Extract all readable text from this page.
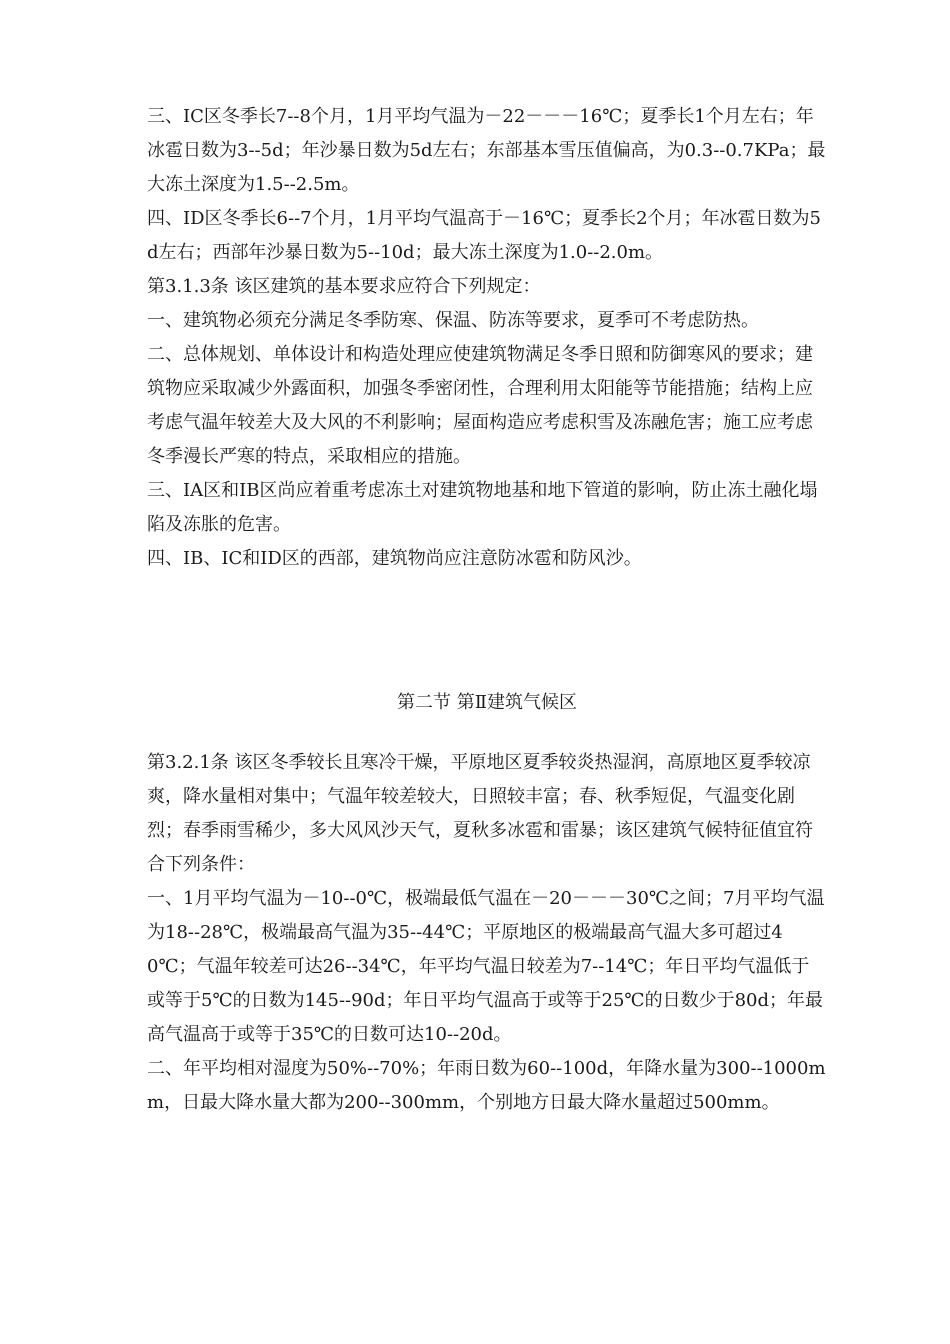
三、IC区冬季长7--8个月，1月平均气温为－22－－－16℃；夏季长1个月左右；年冰雹日数为3--5d；年沙暴日数为5d左右；东部基本雪压值偏高，为0.3--0.7KPa；最大冻土深度为1.5--2.5m。

四、ID区冬季长6--7个月，1月平均气温高于－16℃；夏季长2个月；年冰雹日数为5d左右；西部年沙暴日数为5--10d；最大冻土深度为1.0--2.0m。

第3.1.3条 该区建筑的基本要求应符合下列规定：

一、建筑物必须充分满足冬季防寒、保温、防冻等要求，夏季可不考虑防热。

二、总体规划、单体设计和构造处理应使建筑物满足冬季日照和防御寒风的要求；建筑物应采取减少外露面积，加强冬季密闭性，合理利用太阳能等节能措施；结构上应考虑气温年较差大及大风的不利影响；屋面构造应考虑积雪及冻融危害；施工应考虑冬季漫长严寒的特点，采取相应的措施。

三、IA区和IB区尚应着重考虑冻土对建筑物地基和地下管道的影响，防止冻土融化塌陷及冻胀的危害。

四、IB、IC和ID区的西部，建筑物尚应注意防冰雹和防风沙。

第二节 第Ⅱ建筑气候区

第3.2.1条 该区冬季较长且寒冷干燥，平原地区夏季较炎热湿润，高原地区夏季较凉爽，降水量相对集中；气温年较差较大，日照较丰富；春、秋季短促，气温变化剧烈；春季雨雪稀少，多大风风沙天气，夏秋多冰雹和雷暴；该区建筑气候特征值宜符合下列条件：

一、1月平均气温为－10--0℃，极端最低气温在－20－－－30℃之间；7月平均气温为18--28℃，极端最高气温为35--44℃；平原地区的极端最高气温大多可超过40℃；气温年较差可达26--34℃，年平均气温日较差为7--14℃；年日平均气温低于或等于5℃的日数为145--90d；年日平均气温高于或等于25℃的日数少于80d；年最高气温高于或等于35℃的日数可达10--20d。

二、年平均相对湿度为50%--70%；年雨日数为60--100d，年降水量为300--1000mm，日最大降水量大都为200--300mm，个别地方日最大降水量超过500mm。
